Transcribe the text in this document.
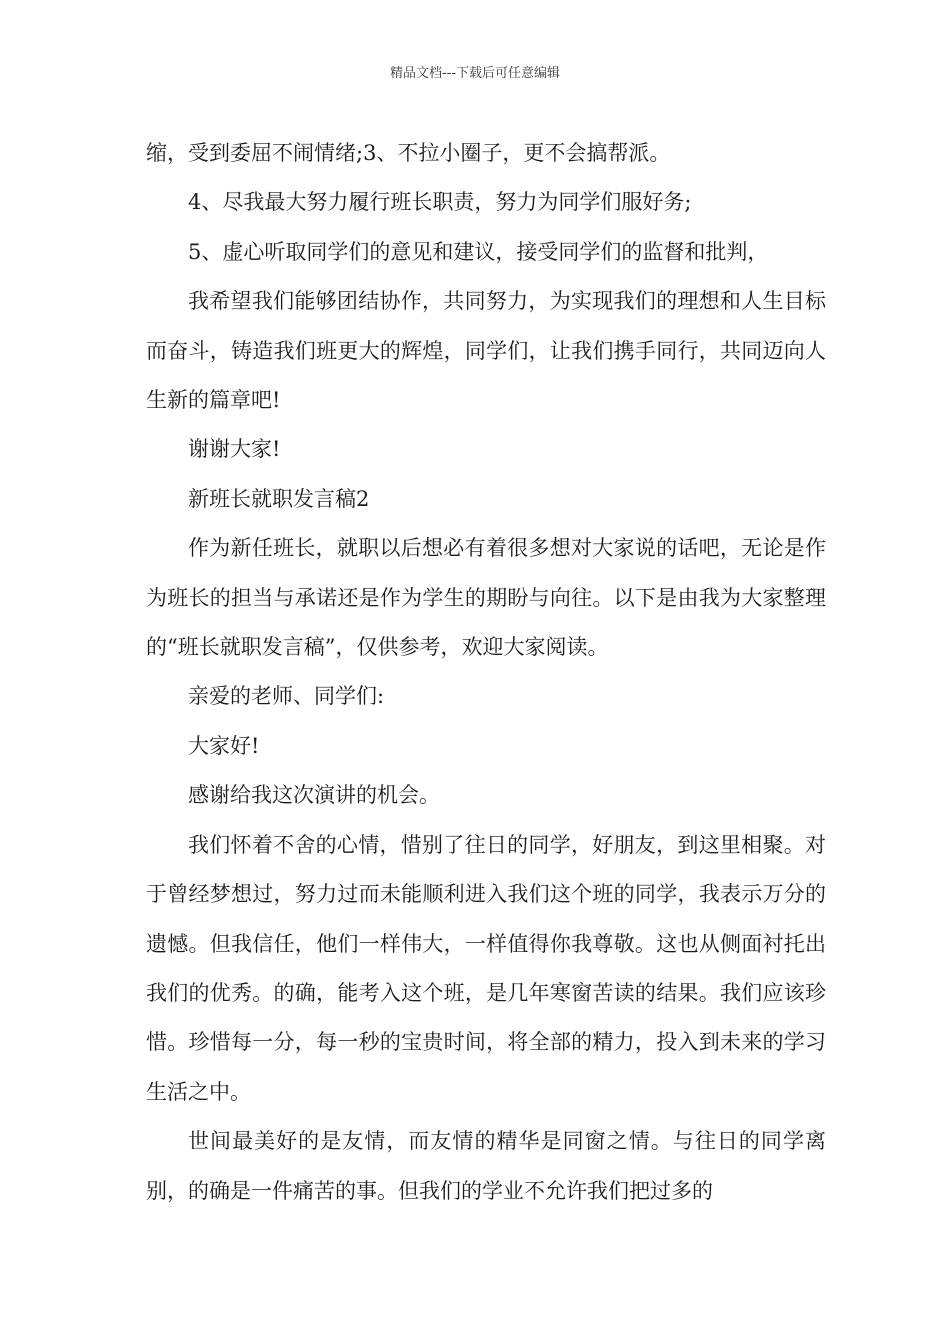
精品文档---下载后可任意编辑

缩，受到委屈不闹情绪;3、不拉小圈子，更不会搞帮派。

4、尽我最大努力履行班长职责，努力为同学们服好务;

5、虚心听取同学们的意见和建议，接受同学们的监督和批判，

我希望我们能够团结协作，共同努力，为实现我们的理想和人生目标而奋斗，铸造我们班更大的辉煌，同学们，让我们携手同行，共同迈向人生新的篇章吧!

谢谢大家!

新班长就职发言稿2

作为新任班长，就职以后想必有着很多想对大家说的话吧，无论是作为班长的担当与承诺还是作为学生的期盼与向往。以下是由我为大家整理的“班长就职发言稿”，仅供参考，欢迎大家阅读。

亲爱的老师、同学们:

大家好!

感谢给我这次演讲的机会。

我们怀着不舍的心情，惜别了往日的同学，好朋友，到这里相聚。对于曾经梦想过，努力过而未能顺利进入我们这个班的同学，我表示万分的遗憾。但我信任，他们一样伟大，一样值得你我尊敬。这也从侧面衬托出我们的优秀。的确，能考入这个班，是几年寒窗苦读的结果。我们应该珍惜。珍惜每一分，每一秒的宝贵时间，将全部的精力，投入到未来的学习生活之中。

世间最美好的是友情，而友情的精华是同窗之情。与往日的同学离别，的确是一件痛苦的事。但我们的学业不允许我们把过多的
